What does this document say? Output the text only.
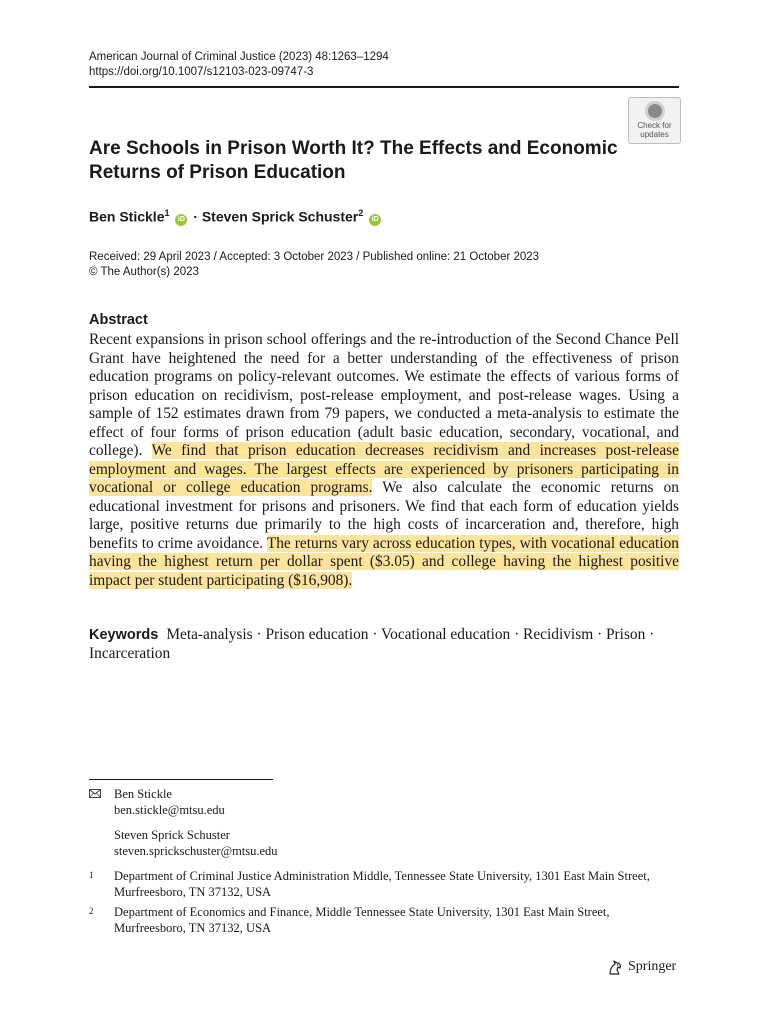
American Journal of Criminal Justice (2023) 48:1263–1294
https://doi.org/10.1007/s12103-023-09747-3
Check for
updates
Are Schools in Prison Worth It? The Effects and Economic Returns of Prison Education
Ben Stickle$^1$ iD · Steven Sprick Schuster$^2$ iD
Received: 29 April 2023 / Accepted: 3 October 2023 / Published online: 21 October 2023
© The Author(s) 2023
Abstract
Recent expansions in prison school offerings and the re-introduction of the Second Chance Pell Grant have heightened the need for a better understanding of the effectiveness of prison education programs on policy-relevant outcomes. We estimate the effects of various forms of prison education on recidivism, post-release employment, and post-release wages. Using a sample of 152 estimates drawn from 79 papers, we conducted a meta-analysis to estimate the effect of four forms of prison education (adult basic education, secondary, vocational, and college). We find that prison education decreases recidivism and increases post-release employment and wages. The largest effects are experienced by prisoners participating in vocational or college education programs. We also calculate the economic returns on educational investment for prisons and prisoners. We find that each form of education yields large, positive returns due primarily to the high costs of incarceration and, therefore, high benefits to crime avoidance. The returns vary across education types, with vocational education having the highest return per dollar spent ($3.05) and college having the highest positive impact per student participating ($16,908).
Keywords Meta-analysis · Prison education · Vocational education · Recidivism · Prison · Incarceration
Ben Stickle
ben.stickle@mtsu.edu
Steven Sprick Schuster
steven.sprickschuster@mtsu.edu
1 Department of Criminal Justice Administration Middle, Tennessee State University, 1301 East Main Street, Murfreesboro, TN 37132, USA
2 Department of Economics and Finance, Middle Tennessee State University, 1301 East Main Street, Murfreesboro, TN 37132, USA
Springer
